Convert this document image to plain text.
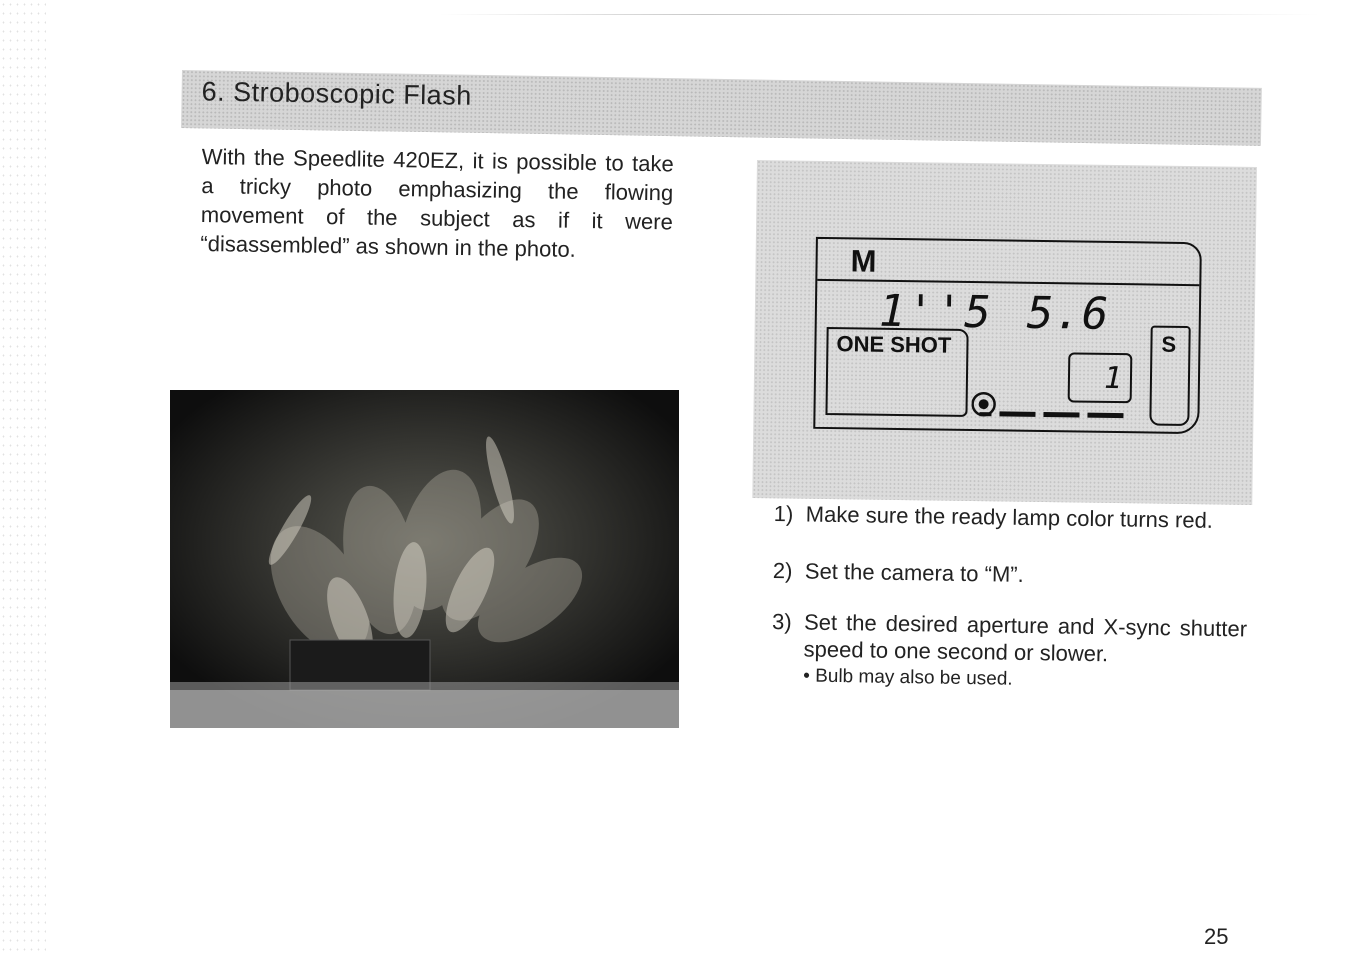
6. Stroboscopic Flash

With the Speedlite 420EZ, it is possible to take a tricky photo emphasizing the flowing movement of the subject as if it were “disassembled” as shown in the photo.	M
1''5 5.6
ONE SHOT
1
S
1) Make sure the ready lamp color turns red.
2) Set the camera to “M”.
3) Set the desired aperture and X-sync shutter speed to one second or slower.
• Bulb may also be used.
25
